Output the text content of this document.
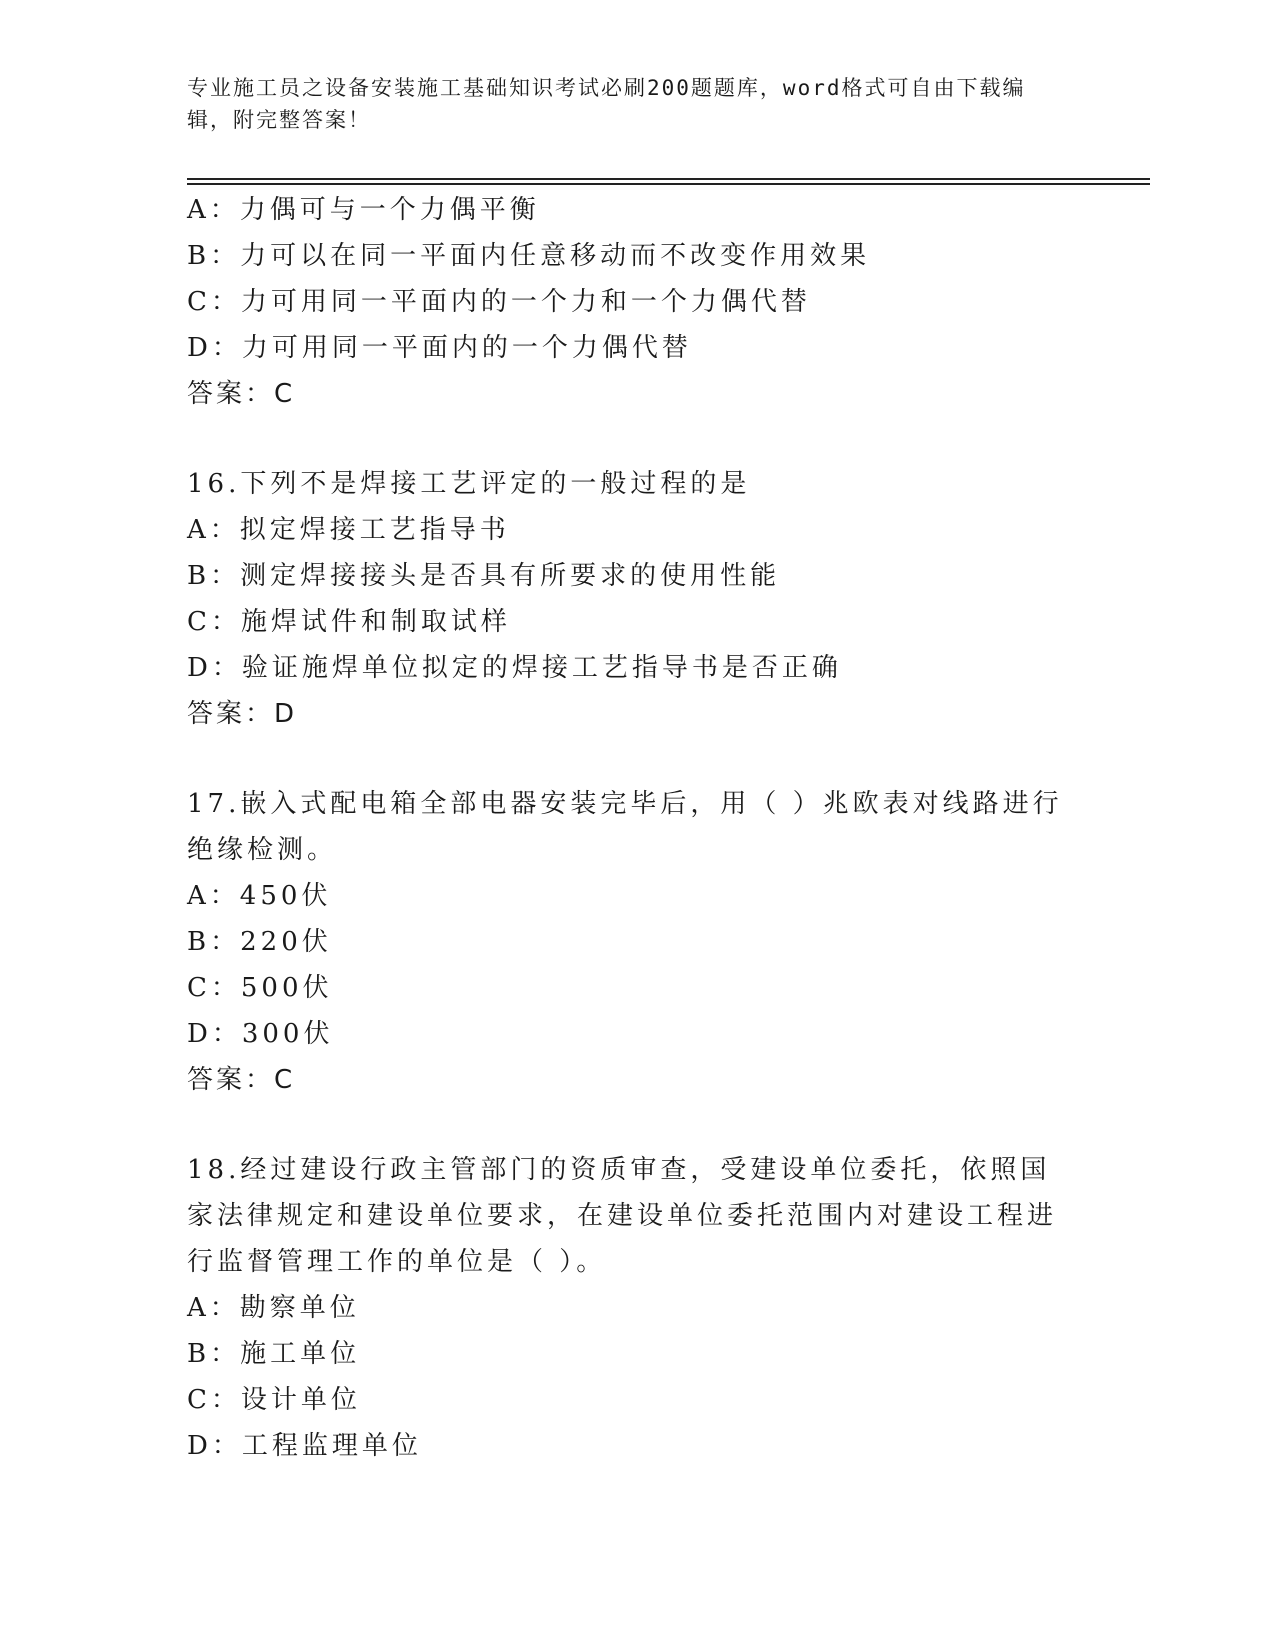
专业施工员之设备安装施工基础知识考试必刷200题题库，word格式可自由下载编辑，附完整答案！
A：力偶可与一个力偶平衡
B：力可以在同一平面内任意移动而不改变作用效果
C：力可用同一平面内的一个力和一个力偶代替
D：力可用同一平面内的一个力偶代替
答案：C
16.下列不是焊接工艺评定的一般过程的是
A：拟定焊接工艺指导书
B：测定焊接接头是否具有所要求的使用性能
C：施焊试件和制取试样
D：验证施焊单位拟定的焊接工艺指导书是否正确
答案：D
17.嵌入式配电箱全部电器安装完毕后，用（ ）兆欧表对线路进行绝缘检测。
A：450伏
B：220伏
C：500伏
D：300伏
答案：C
18.经过建设行政主管部门的资质审查，受建设单位委托，依照国家法律规定和建设单位要求，在建设单位委托范围内对建设工程进行监督管理工作的单位是（ ）。
A：勘察单位
B：施工单位
C：设计单位
D：工程监理单位
